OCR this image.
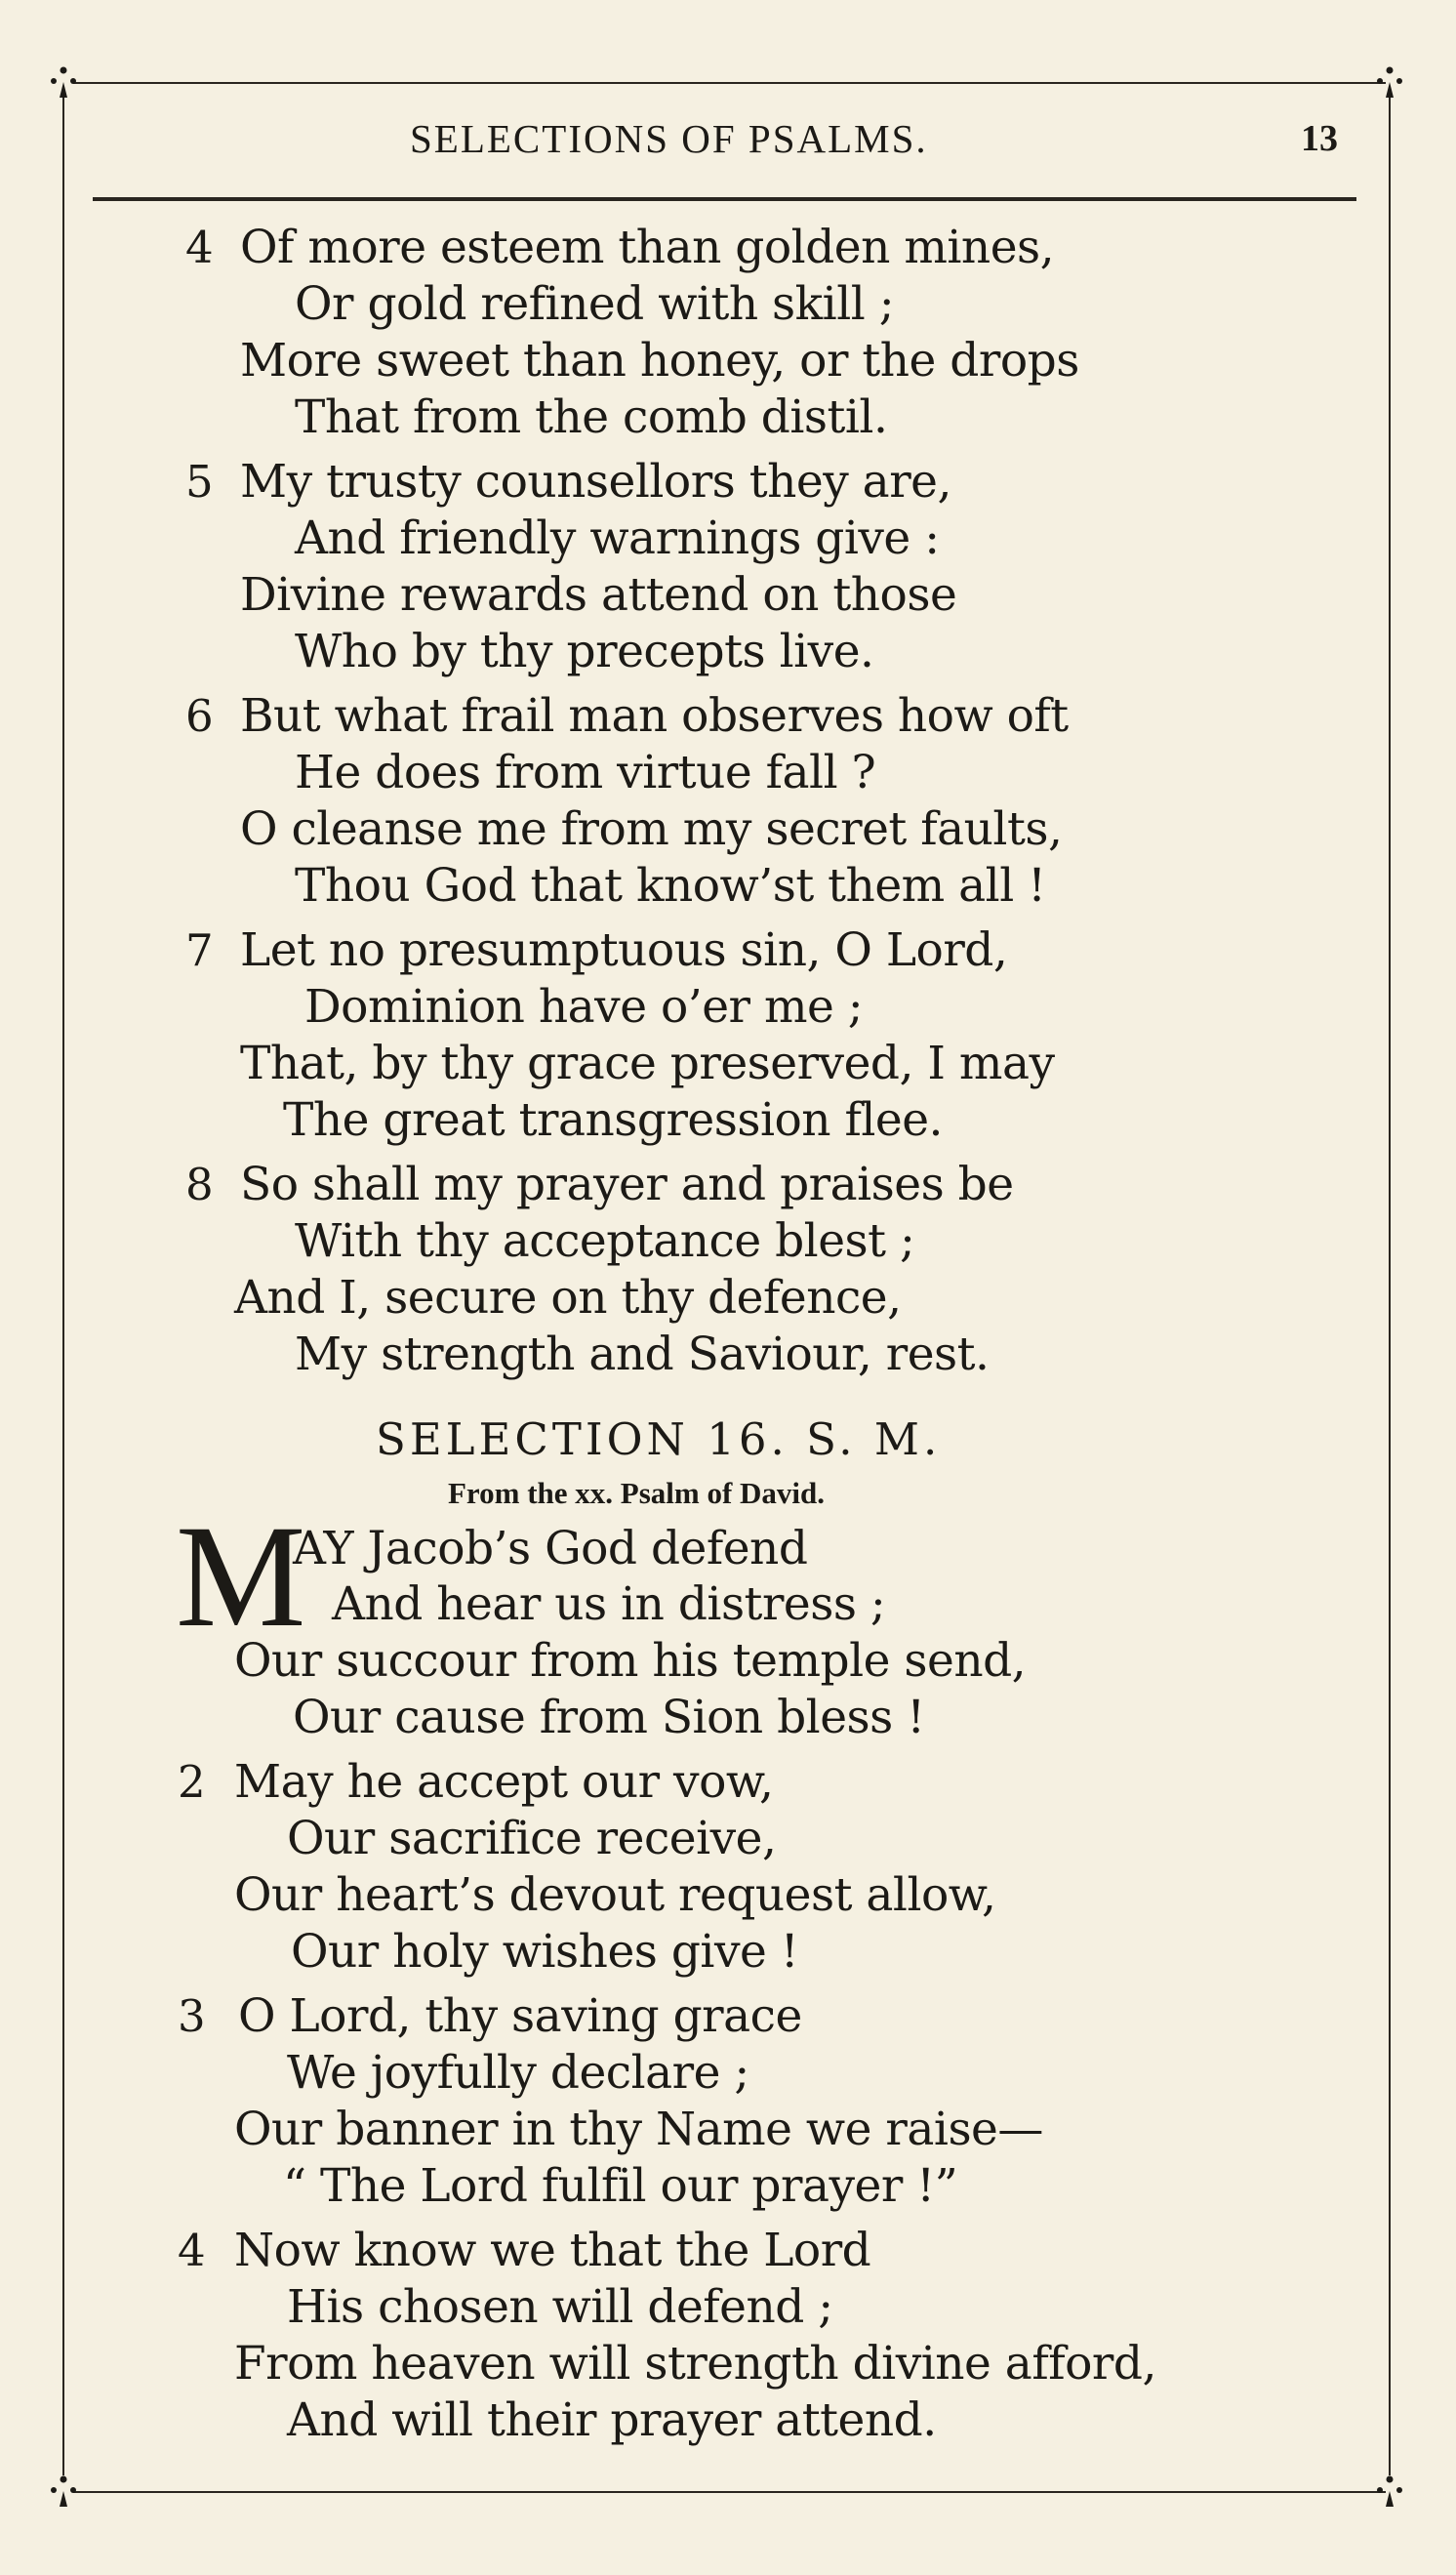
SELECTIONS OF PSALMS.	13
4 Of more esteem than golden mines,
Or gold refined with skill ;
More sweet than honey, or the drops
That from the comb distil.
5 My trusty counsellors they are,
And friendly warnings give :
Divine rewards attend on those
Who by thy precepts live.
6 But what frail man observes how oft
He does from virtue fall ?
O cleanse me from my secret faults,
Thou God that know’st them all !
7 Let no presumptuous sin, O Lord,
Dominion have o’er me ;
That, by thy grace preserved, I may
The great transgression flee.
8 So shall my prayer and praises be
With thy acceptance blest ;
And I, secure on thy defence,
My strength and Saviour, rest.
SELECTION 16. S. M.
From the xx. Psalm of David.
M
AY Jacob’s God defend
And hear us in distress ;
Our succour from his temple send,
Our cause from Sion bless !
2 May he accept our vow,
Our sacrifice receive,
Our heart’s devout request allow,
Our holy wishes give !
3 O Lord, thy saving grace
We joyfully declare ;
Our banner in thy Name we raise—
“ The Lord fulfil our prayer !”
4 Now know we that the Lord
His chosen will defend ;
From heaven will strength divine afford,
And will their prayer attend.
